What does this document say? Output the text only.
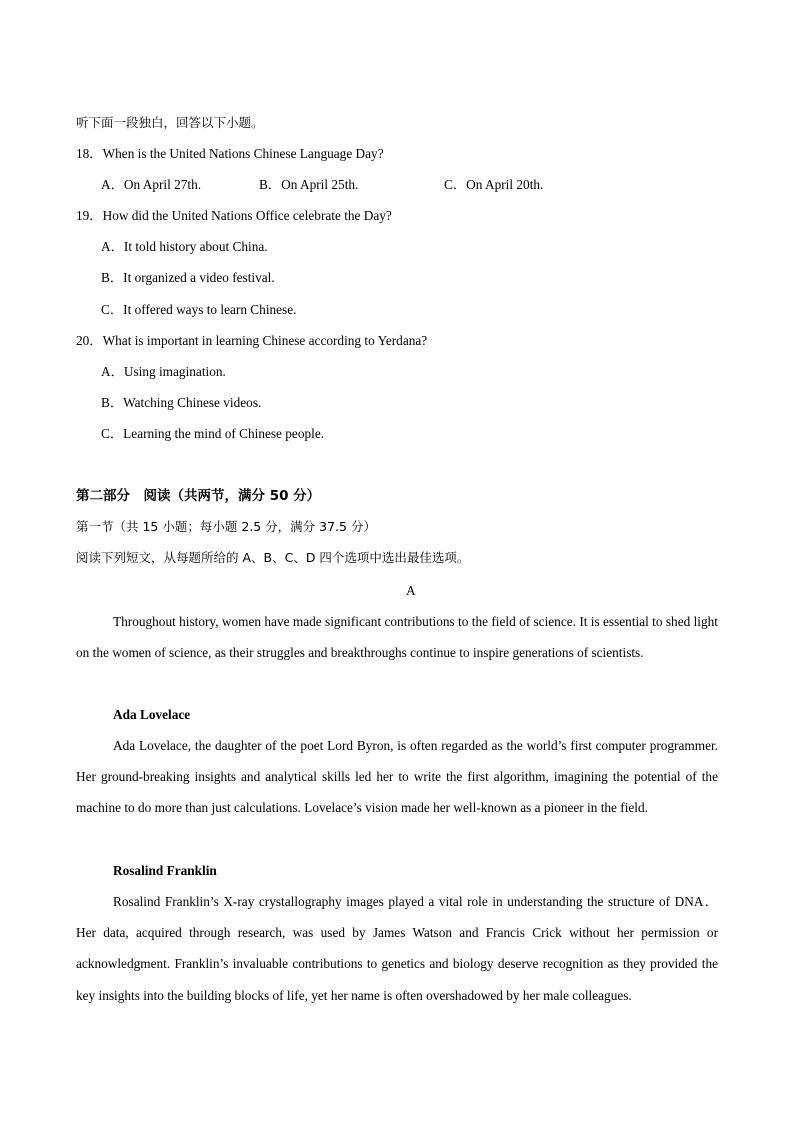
听下面一段独白，回答以下小题。
18．When is the United Nations Chinese Language Day?
A．On April 27th.	B．On April 25th.	C．On April 20th.
19．How did the United Nations Office celebrate the Day?
A．It told history about China.
B．It organized a video festival.
C．It offered ways to learn Chinese.
20．What is important in learning Chinese according to Yerdana?
A．Using imagination.
B．Watching Chinese videos.
C．Learning the mind of Chinese people.
第二部分　阅读（共两节，满分 50 分）
第一节（共 15 小题；每小题 2.5 分，满分 37.5 分）
阅读下列短文，从每题所给的 A、B、C、D 四个选项中选出最佳选项。
A
Throughout history, women have made significant contributions to the field of science. It is essential to shed light on the women of science, as their struggles and breakthroughs continue to inspire generations of scientists.
Ada Lovelace
Ada Lovelace, the daughter of the poet Lord Byron, is often regarded as the world’s first computer programmer. Her ground-breaking insights and analytical skills led her to write the first algorithm, imagining the potential of the machine to do more than just calculations. Lovelace’s vision made her well-known as a pioneer in the field.
Rosalind Franklin
Rosalind Franklin’s X-ray crystallography images played a vital role in understanding the structure of DNA．Her data, acquired through research, was used by James Watson and Francis Crick without her permission or acknowledgment. Franklin’s invaluable contributions to genetics and biology deserve recognition as they provided the key insights into the building blocks of life, yet her name is often overshadowed by her male colleagues.
